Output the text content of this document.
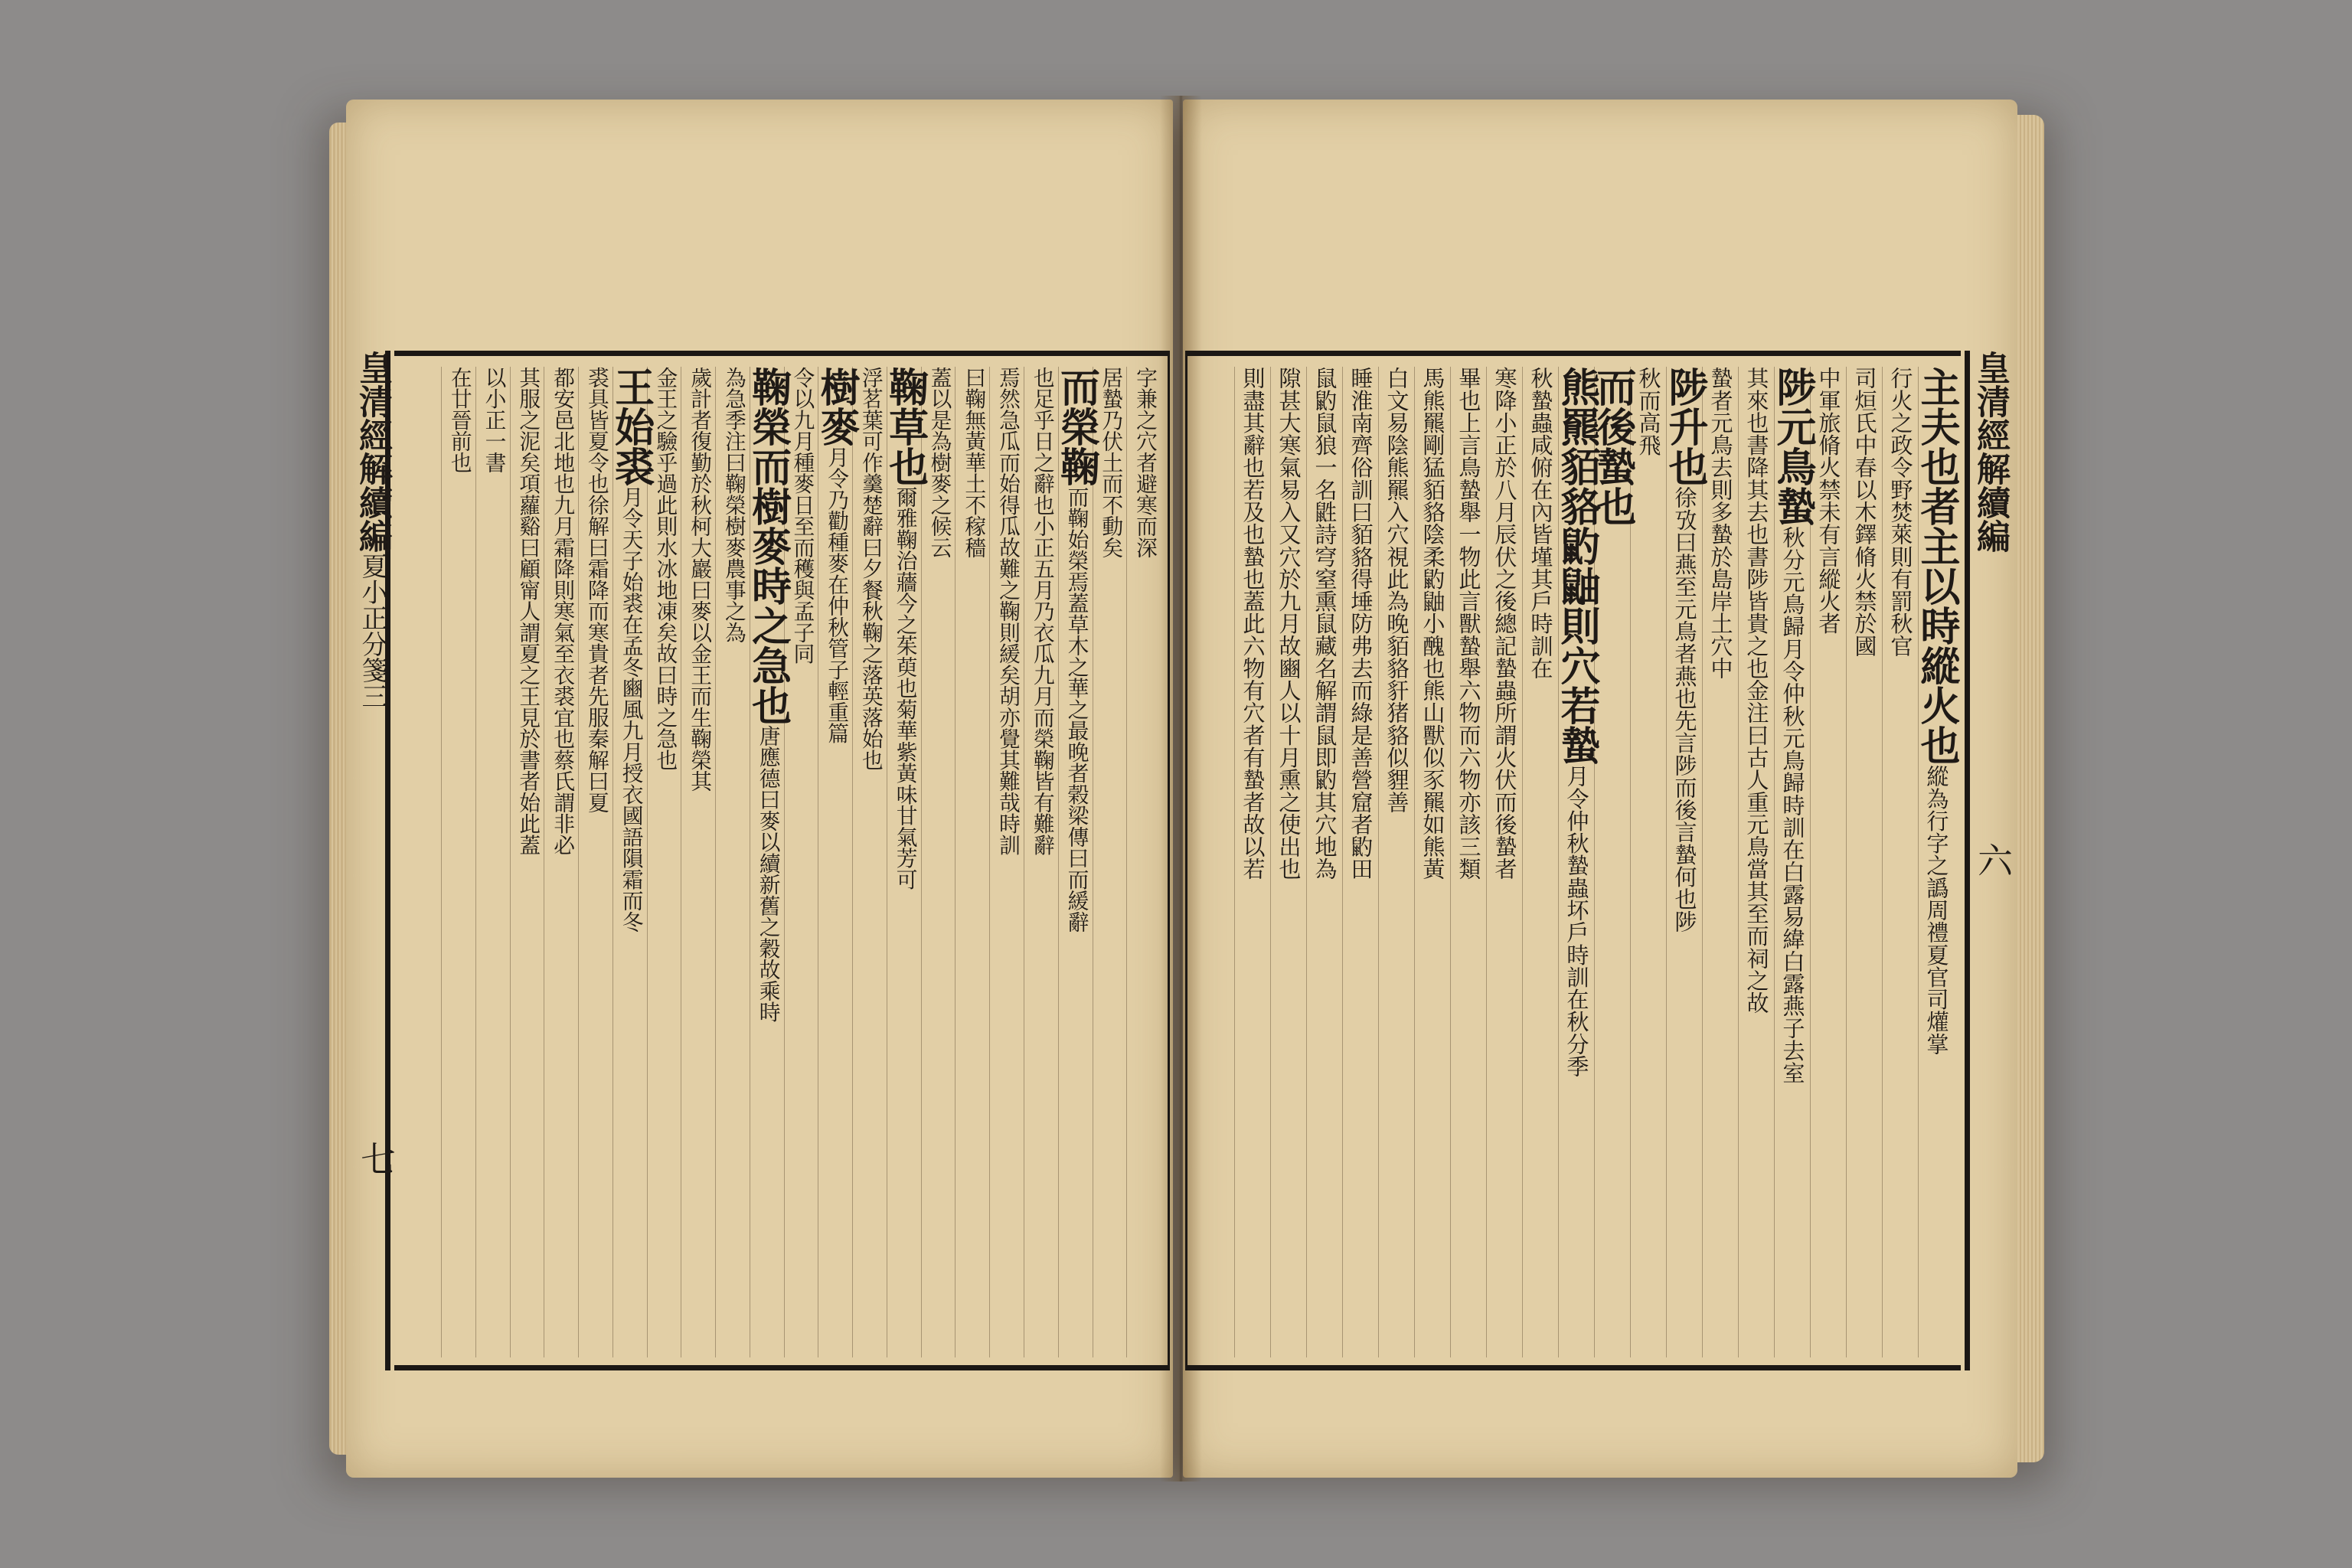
字兼之穴者避寒而深
居蟄乃伏土而不動矣
而榮鞠而鞠始榮焉蓋草木之華之最晚者榖梁傳曰而緩辭
也足乎日之辭也小正五月乃衣瓜九月而榮鞠皆有難辭
焉然急瓜而始得瓜故難之鞠則緩矣胡亦覺其難哉時訓
曰鞠無黃華土不稼穡
蓋以是為樹麥之候云
鞠草也爾雅鞠治蘠今之茱萸也菊華紫黃味甘氣芳可
浮茗葉可作羹楚辭曰夕餐秋鞠之落英落始也
樹麥月令乃勸種麥在仲秋管子輕重篇
令以九月種麥日至而穫與孟子同
鞠榮而樹麥時之急也唐應德曰麥以續新舊之穀故乘時
為急季注曰鞠榮樹麥農事之為
歲計者復勤於秋柯大巖曰麥以金王而生鞠榮其
金王之驗乎過此則水冰地凍矣故曰時之急也
王始裘月令天子始裘在孟冬豳風九月授衣國語隕霜而冬
裘具皆夏令也徐解曰霜降而寒貴者先服秦解曰夏
都安邑北地也九月霜降則寒氣至衣裘宜也蔡氏謂非必
其服之泥矣項蘿谿曰顧甯人謂夏之王見於書者始此蓋
以小正一書
在廿晉前也
皇清經解續編夏小正分箋三
七
主夫也者主以時縱火也縱為行字之譌周禮夏官司爟掌
行火之政令野焚萊則有罰秋官
司烜氏中春以木鐸脩火禁於國
中軍旅脩火禁未有言縱火者
陟元鳥蟄秋分元鳥歸月令仲秋元鳥歸時訓在白露易緯白露燕子去室
其來也書降其去也書陟皆貴之也金注曰古人重元鳥當其至而祠之故
蟄者元鳥去則多蟄於島岸土穴中
陟升也徐攷曰燕至元鳥者燕也先言陟而後言蟄何也陟
秋而高飛
而後蟄也
熊羆貊貉䶂鼬則穴若蟄月令仲秋蟄蟲坏戶時訓在秋分季
秋蟄蟲咸俯在內皆墐其戶時訓在
寒降小正於八月辰伏之後總記蟄蟲所謂火伏而後蟄者
畢也上言鳥蟄舉一物此言獸蟄舉六物而六物亦該三類
馬熊羆剛猛貊貉陰柔䶂鼬小醜也熊山獸似豕羆如熊黃
白文易陰熊羆入穴視此為晚貊貉豻猪貉似貍善
睡淮南齊俗訓曰貊貉得埵防弗去而綠是善營窟者䶂田
鼠䶂鼠狼一名鼪詩穹窒熏鼠藏名解謂鼠即䶂其穴地為
隙甚大寒氣易入又穴於九月故豳人以十月熏之使出也
則盡其辭也若及也蟄也蓋此六物有穴者有蟄者故以若	皇清經解續編
六
